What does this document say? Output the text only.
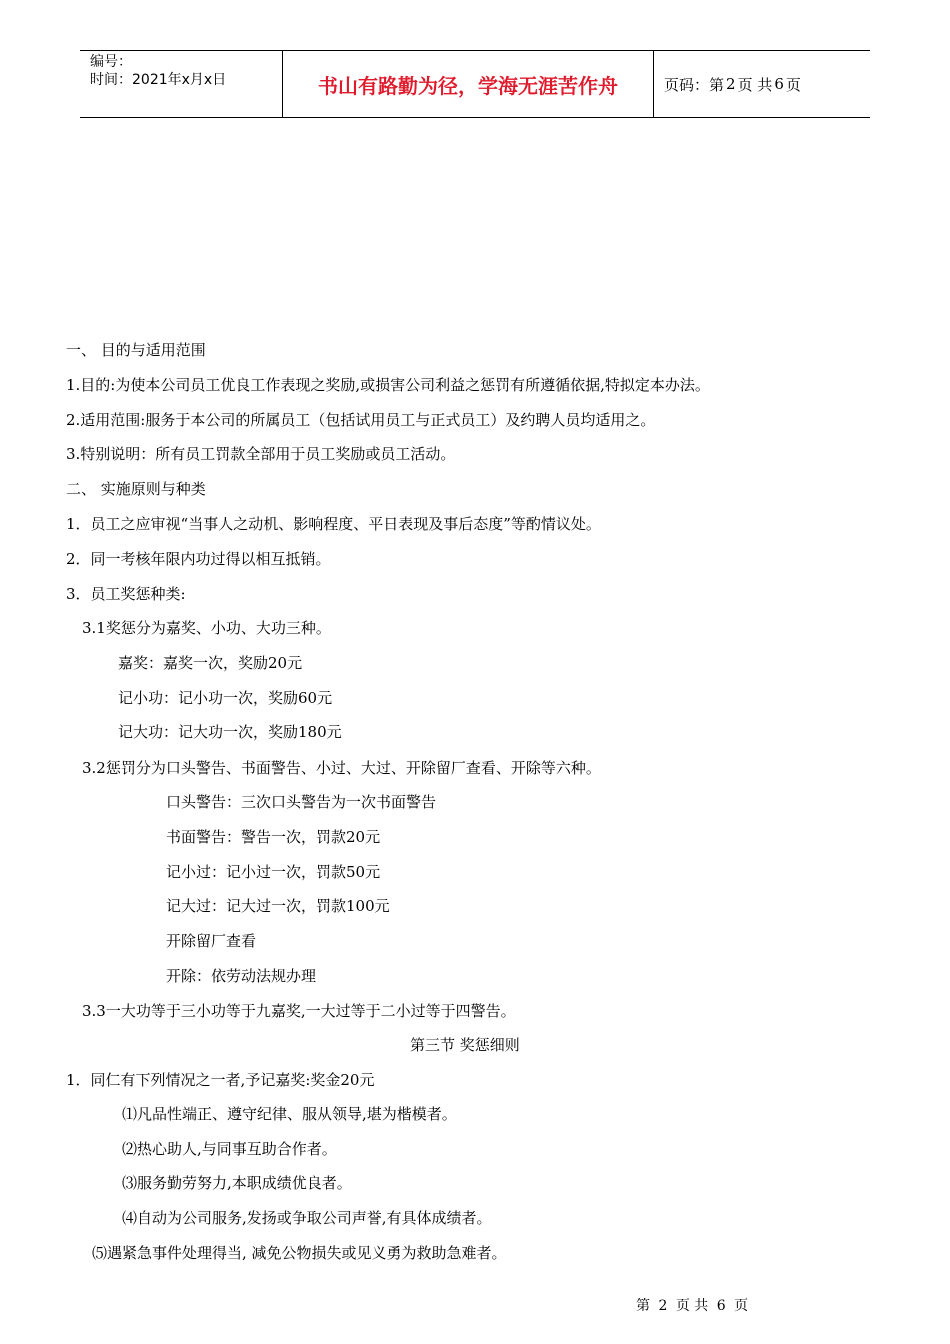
编号：
时间：2021年x月x日	书山有路勤为径，学海无涯苦作舟	页码：第 2 页 共 6 页
一、 目的与适用范围
1.目的:为使本公司员工优良工作表现之奖励,或损害公司利益之惩罚有所遵循依据,特拟定本办法。
2.适用范围:服务于本公司的所属员工（包括试用员工与正式员工）及约聘人员均适用之。
3.特别说明：所有员工罚款全部用于员工奖励或员工活动。
二、 实施原则与种类
1．员工之应审视“当事人之动机、影响程度、平日表现及事后态度”等酌情议处。
2．同一考核年限内功过得以相互抵销。
3．员工奖惩种类:
3.1奖惩分为嘉奖、小功、大功三种。
嘉奖：嘉奖一次，奖励20元
记小功：记小功一次，奖励60元
记大功：记大功一次，奖励180元
3.2惩罚分为口头警告、书面警告、小过、大过、开除留厂查看、开除等六种。
口头警告：三次口头警告为一次书面警告
书面警告：警告一次，罚款20元
记小过：记小过一次，罚款50元
记大过：记大过一次，罚款100元
开除留厂查看
开除：依劳动法规办理
3.3一大功等于三小功等于九嘉奖,一大过等于二小过等于四警告。
第三节 奖惩细则
1．同仁有下列情况之一者,予记嘉奖:奖金20元
⑴凡品性端正、遵守纪律、服从领导,堪为楷模者。
⑵热心助人,与同事互助合作者。
⑶服务勤劳努力,本职成绩优良者。
⑷自动为公司服务,发扬或争取公司声誉,有具体成绩者。
⑸遇紧急事件处理得当, 减免公物损失或见义勇为救助急难者。
第 2 页 共 6 页
